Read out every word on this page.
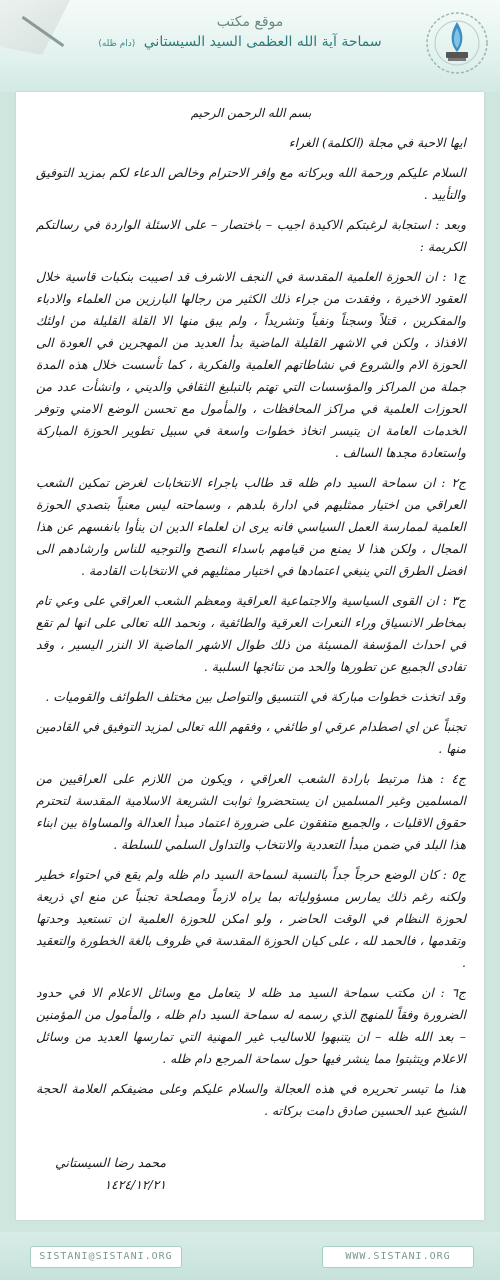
موقع مكتب
(دام ظله) سماحة آية الله العظمى السيد السيستاني
بسم الله الرحمن الرحيم

ايها الاحبة في مجلة (الكلمة) الغراء

السلام عليكم ورحمة الله وبركاته مع وافر الاحترام وخالص الدعاء لكم بمزيد التوفيق والتأييد .

وبعد : استجابة لرغبتكم الاكيدة اجيب – باختصار – على الاسئلة الواردة في رسالتكم الكريمة :

ج١ : ان الحوزة العلمية المقدسة في النجف الاشرف قد اصيبت بنكبات قاسية خلال العقود الاخيرة ، وفقدت من جراء ذلك الكثير من رجالها البارزين من العلماء والادباء والمفكرين ، قتلاً وسجناً ونفياً وتشريداً ، ولم يبق منها الا القلة القليلة من اولئك الافذاذ ، ولكن في الاشهر القليلة الماضية بدأ العديد من المهجرين في العودة الى الحوزة الام والشروع في نشاطاتهم العلمية والفكرية ، كما تأسست خلال هذه المدة جملة من المراكز والمؤسسات التي تهتم بالتبليغ الثقافي والديني ، وانشأت عدد من الحوزات العلمية في مراكز المحافظات ، والمأمول مع تحسن الوضع الامني وتوفر الخدمات العامة ان يتيسر اتخاذ خطوات واسعة في سبيل تطوير الحوزة المباركة واستعادة مجدها السالف .

ج٢ : ان سماحة السيد دام ظله قد طالب باجراء الانتخابات لغرض تمكين الشعب العراقي من اختيار ممثليهم في ادارة بلدهم ، وسماحته ليس معنياً بتصدي الحوزة العلمية لممارسة العمل السياسي فانه يرى ان لعلماء الدين ان ينأوا بانفسهم عن هذا المجال ، ولكن هذا لا يمنع من قيامهم باسداء النصح والتوجيه للناس وارشادهم الى افضل الطرق التي ينبغي اعتمادها في اختيار ممثليهم في الانتخابات القادمة .

ج٣ : ان القوى السياسية والاجتماعية العراقية ومعظم الشعب العراقي على وعي تام بمخاطر الانسياق وراء النعرات العرقية والطائفية ، ونحمد الله تعالى على انها لم تقع في احداث المؤسفة المسيئة من ذلك طوال الاشهر الماضية الا النزر اليسير ، وقد تفادى الجميع عن تطورها والحد من نتائجها السلبية .

وقد اتخذت خطوات مباركة في التنسيق والتواصل بين مختلف الطوائف والقوميات .

تجنباً عن اي اصطدام عرقي او طائفي ، وفقهم الله تعالى لمزيد التوفيق في القادمين منها .

ج٤ : هذا مرتبط بارادة الشعب العراقي ، ويكون من اللازم على العراقيين من المسلمين وغير المسلمين ان يستحضروا ثوابت الشريعة الاسلامية المقدسة لتحترم حقوق الاقليات ، والجميع متفقون على ضرورة اعتماد مبدأ العدالة والمساواة بين ابناء هذا البلد في ضمن مبدأ التعددية والانتخاب والتداول السلمي للسلطة .

ج٥ : كان الوضع حرجاً جداً بالنسبة لسماحة السيد دام ظله ولم يقع في احتواء خطير ولكنه رغم ذلك يمارس مسؤولياته بما يراه لازماً ومصلحة تجنباً عن منع اي ذريعة لحوزة النظام في الوقت الحاضر ، ولو امكن للحوزة العلمية ان تستعيد وحدتها وتقدمها ، فالحمد لله ، على كيان الحوزة المقدسة في ظروف بالغة الخطورة والتعقيد .

ج٦ : ان مكتب سماحة السيد مد ظله لا يتعامل مع وسائل الاعلام الا في حدود الضرورة وفقاً للمنهج الذي رسمه له سماحة السيد دام ظله ، والمأمول من المؤمنين – بعد الله ظله – ان يتنبهوا للاساليب غير المهنية التي تمارسها العديد من وسائل الاعلام ويتثبتوا مما ينشر فيها حول سماحة المرجع دام ظله .

هذا ما تيسر تحريره في هذه العجالة والسلام عليكم وعلى مضيفكم العلامة الحجة الشيخ عبد الحسين صادق دامت بركاته .

محمد رضا السيستاني
١٤٢٤/١٢/٢١
SISTANI@SISTANI.ORG	WWW.SISTANI.ORG
